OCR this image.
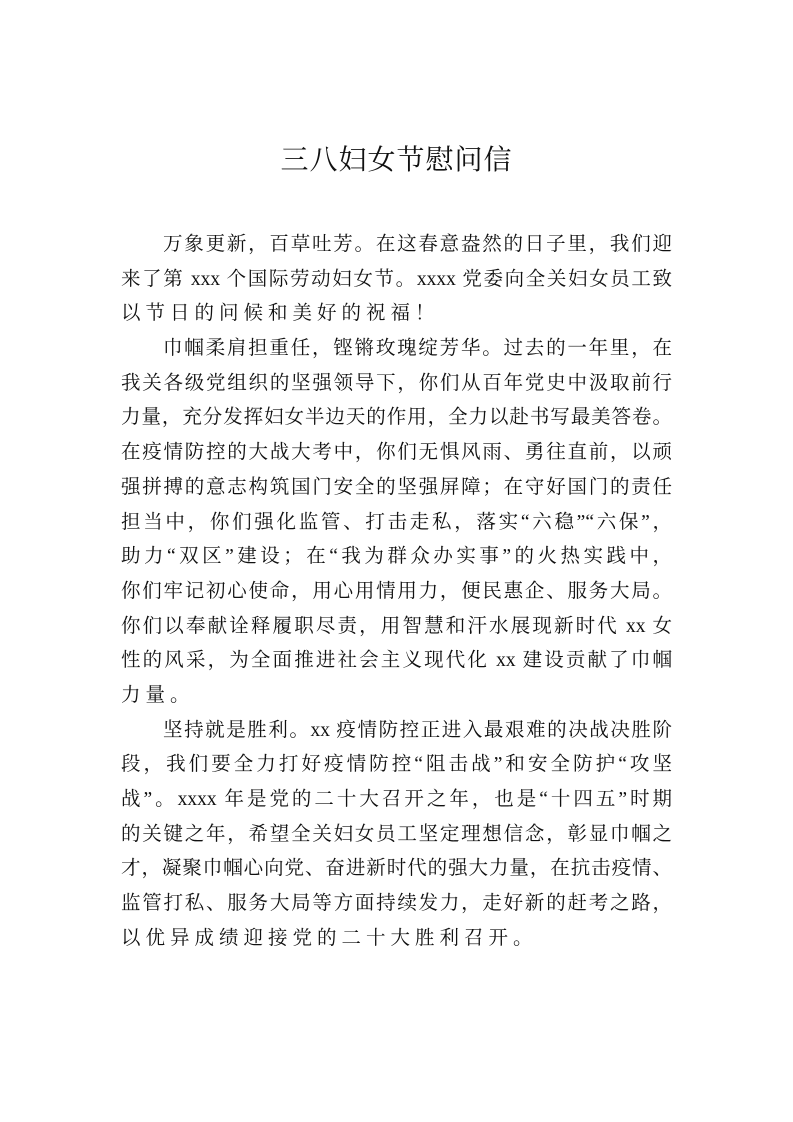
三八妇女节慰问信
万象更新，百草吐芳。在这春意盎然的日子里，我们迎
来了第 xxx 个国际劳动妇女节。xxxx 党委向全关妇女员工致
以节日的问候和美好的祝福！
巾帼柔肩担重任，铿锵玫瑰绽芳华。过去的一年里，在
我关各级党组织的坚强领导下，你们从百年党史中汲取前行
力量，充分发挥妇女半边天的作用，全力以赴书写最美答卷。
在疫情防控的大战大考中，你们无惧风雨、勇往直前，以顽
强拼搏的意志构筑国门安全的坚强屏障；在守好国门的责任
担当中，你们强化监管、打击走私，落实“六稳”“六保”，
助力“双区”建设；在“我为群众办实事”的火热实践中，
你们牢记初心使命，用心用情用力，便民惠企、服务大局。
你们以奉献诠释履职尽责，用智慧和汗水展现新时代 xx 女
性的风采，为全面推进社会主义现代化 xx 建设贡献了巾帼
力量。
坚持就是胜利。xx 疫情防控正进入最艰难的决战决胜阶
段，我们要全力打好疫情防控“阻击战”和安全防护“攻坚
战”。xxxx 年是党的二十大召开之年，也是“十四五”时期
的关键之年，希望全关妇女员工坚定理想信念，彰显巾帼之
才，凝聚巾帼心向党、奋进新时代的强大力量，在抗击疫情、
监管打私、服务大局等方面持续发力，走好新的赶考之路，
以优异成绩迎接党的二十大胜利召开。
